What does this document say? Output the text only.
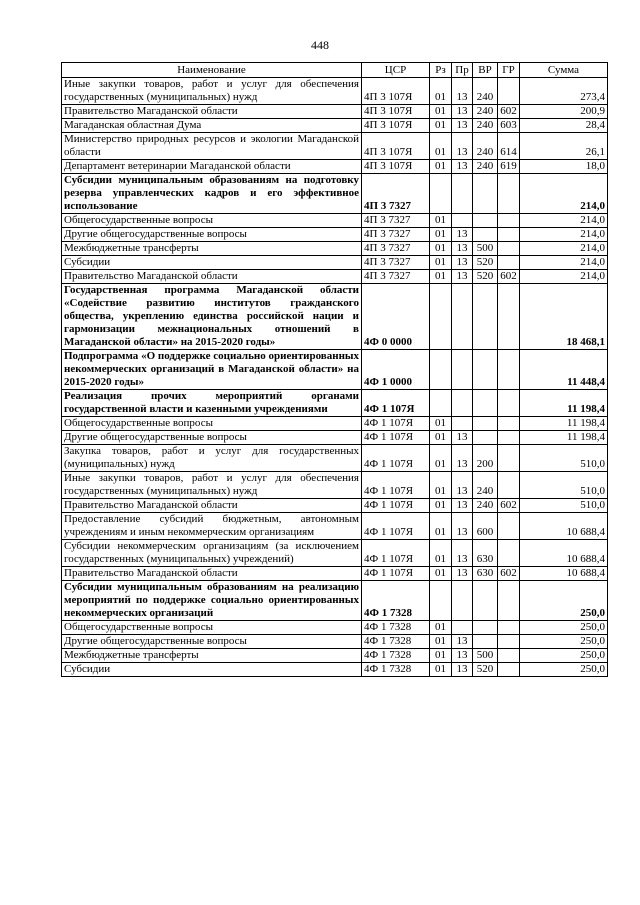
448
Наименование	ЦСР	Рз	Пр	ВР	ГР	Сумма
Иные закупки товаров, работ и услуг для обеспечения государственных (муниципальных) нужд	4П 3 107Я	01	13	240		273,4
Правительство Магаданской области	4П 3 107Я	01	13	240	602	200,9
Магаданская областная Дума	4П 3 107Я	01	13	240	603	28,4
Министерство природных ресурсов и экологии Магаданской области	4П 3 107Я	01	13	240	614	26,1
Департамент ветеринарии Магаданской области	4П 3 107Я	01	13	240	619	18,0
Субсидии муниципальным образованиям на подготовку резерва управленческих кадров и его эффективное использование	4П 3 7327					214,0
Общегосударственные вопросы	4П 3 7327	01				214,0
Другие общегосударственные вопросы	4П 3 7327	01	13			214,0
Межбюджетные трансферты	4П 3 7327	01	13	500		214,0
Субсидии	4П 3 7327	01	13	520		214,0
Правительство Магаданской области	4П 3 7327	01	13	520	602	214,0
Государственная программа Магаданской области «Содействие развитию институтов гражданского общества, укреплению единства российской нации и гармонизации межнациональных отношений в Магаданской области» на 2015-2020 годы»	4Ф 0 0000					18 468,1
Подпрограмма «О поддержке социально ориентированных некоммерческих организаций в Магаданской области» на 2015-2020 годы»	4Ф 1 0000					11 448,4
Реализация прочих мероприятий органами государственной власти и казенными учреждениями	4Ф 1 107Я					11 198,4
Общегосударственные вопросы	4Ф 1 107Я	01				11 198,4
Другие общегосударственные вопросы	4Ф 1 107Я	01	13			11 198,4
Закупка товаров, работ и услуг для государственных (муниципальных) нужд	4Ф 1 107Я	01	13	200		510,0
Иные закупки товаров, работ и услуг для обеспечения государственных (муниципальных) нужд	4Ф 1 107Я	01	13	240		510,0
Правительство Магаданской области	4Ф 1 107Я	01	13	240	602	510,0
Предоставление субсидий бюджетным, автономным учреждениям и иным некоммерческим организациям	4Ф 1 107Я	01	13	600		10 688,4
Субсидии некоммерческим организациям (за исключением государственных (муниципальных) учреждений)	4Ф 1 107Я	01	13	630		10 688,4
Правительство Магаданской области	4Ф 1 107Я	01	13	630	602	10 688,4
Субсидии муниципальным образованиям на реализацию мероприятий по поддержке социально ориентированных некоммерческих организаций	4Ф 1 7328					250,0
Общегосударственные вопросы	4Ф 1 7328	01				250,0
Другие общегосударственные вопросы	4Ф 1 7328	01	13			250,0
Межбюджетные трансферты	4Ф 1 7328	01	13	500		250,0
Субсидии	4Ф 1 7328	01	13	520		250,0
